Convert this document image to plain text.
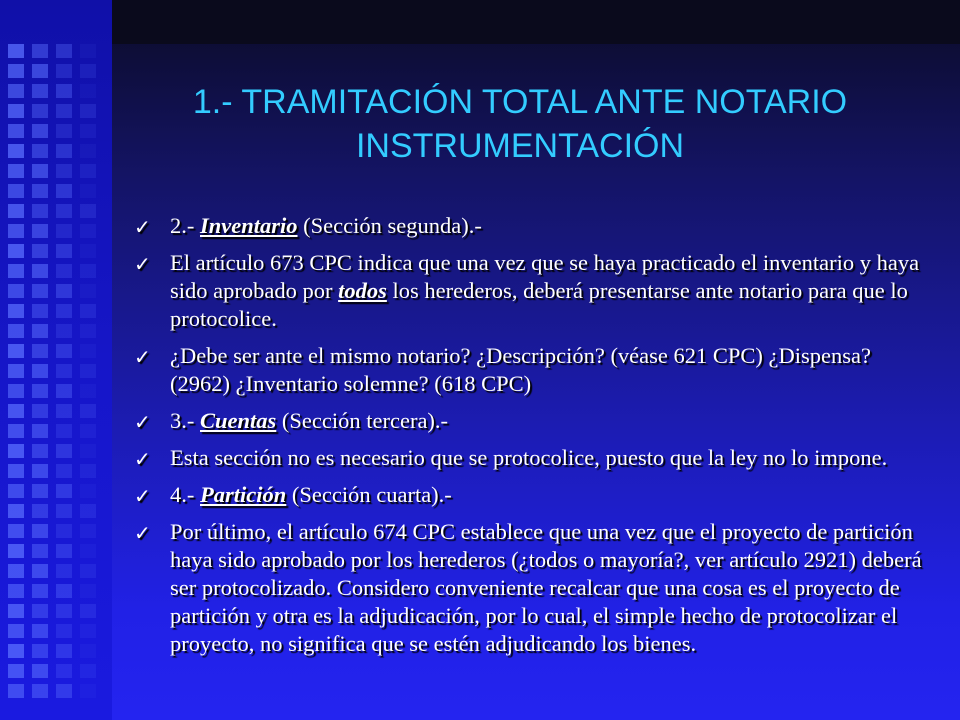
1.- TRAMITACIÓN TOTAL ANTE NOTARIO
INSTRUMENTACIÓN
✓ 2.- Inventario (Sección segunda).-
✓ El artículo 673 CPC indica que una vez que se haya practicado el inventario y haya sido aprobado por todos los herederos, deberá presentarse ante notario para que lo protocolice.
✓ ¿Debe ser ante el mismo notario? ¿Descripción? (véase 621 CPC) ¿Dispensa? (2962) ¿Inventario solemne? (618 CPC)
✓ 3.- Cuentas (Sección tercera).-
✓ Esta sección no es necesario que se protocolice, puesto que la ley no lo impone.
✓ 4.- Partición (Sección cuarta).-
✓ Por último, el artículo 674 CPC establece que una vez que el proyecto de partición haya sido aprobado por los herederos (¿todos o mayoría?, ver artículo 2921) deberá ser protocolizado. Considero conveniente recalcar que una cosa es el proyecto de partición y otra es la adjudicación, por lo cual, el simple hecho de protocolizar el proyecto, no significa que se estén adjudicando los bienes.
